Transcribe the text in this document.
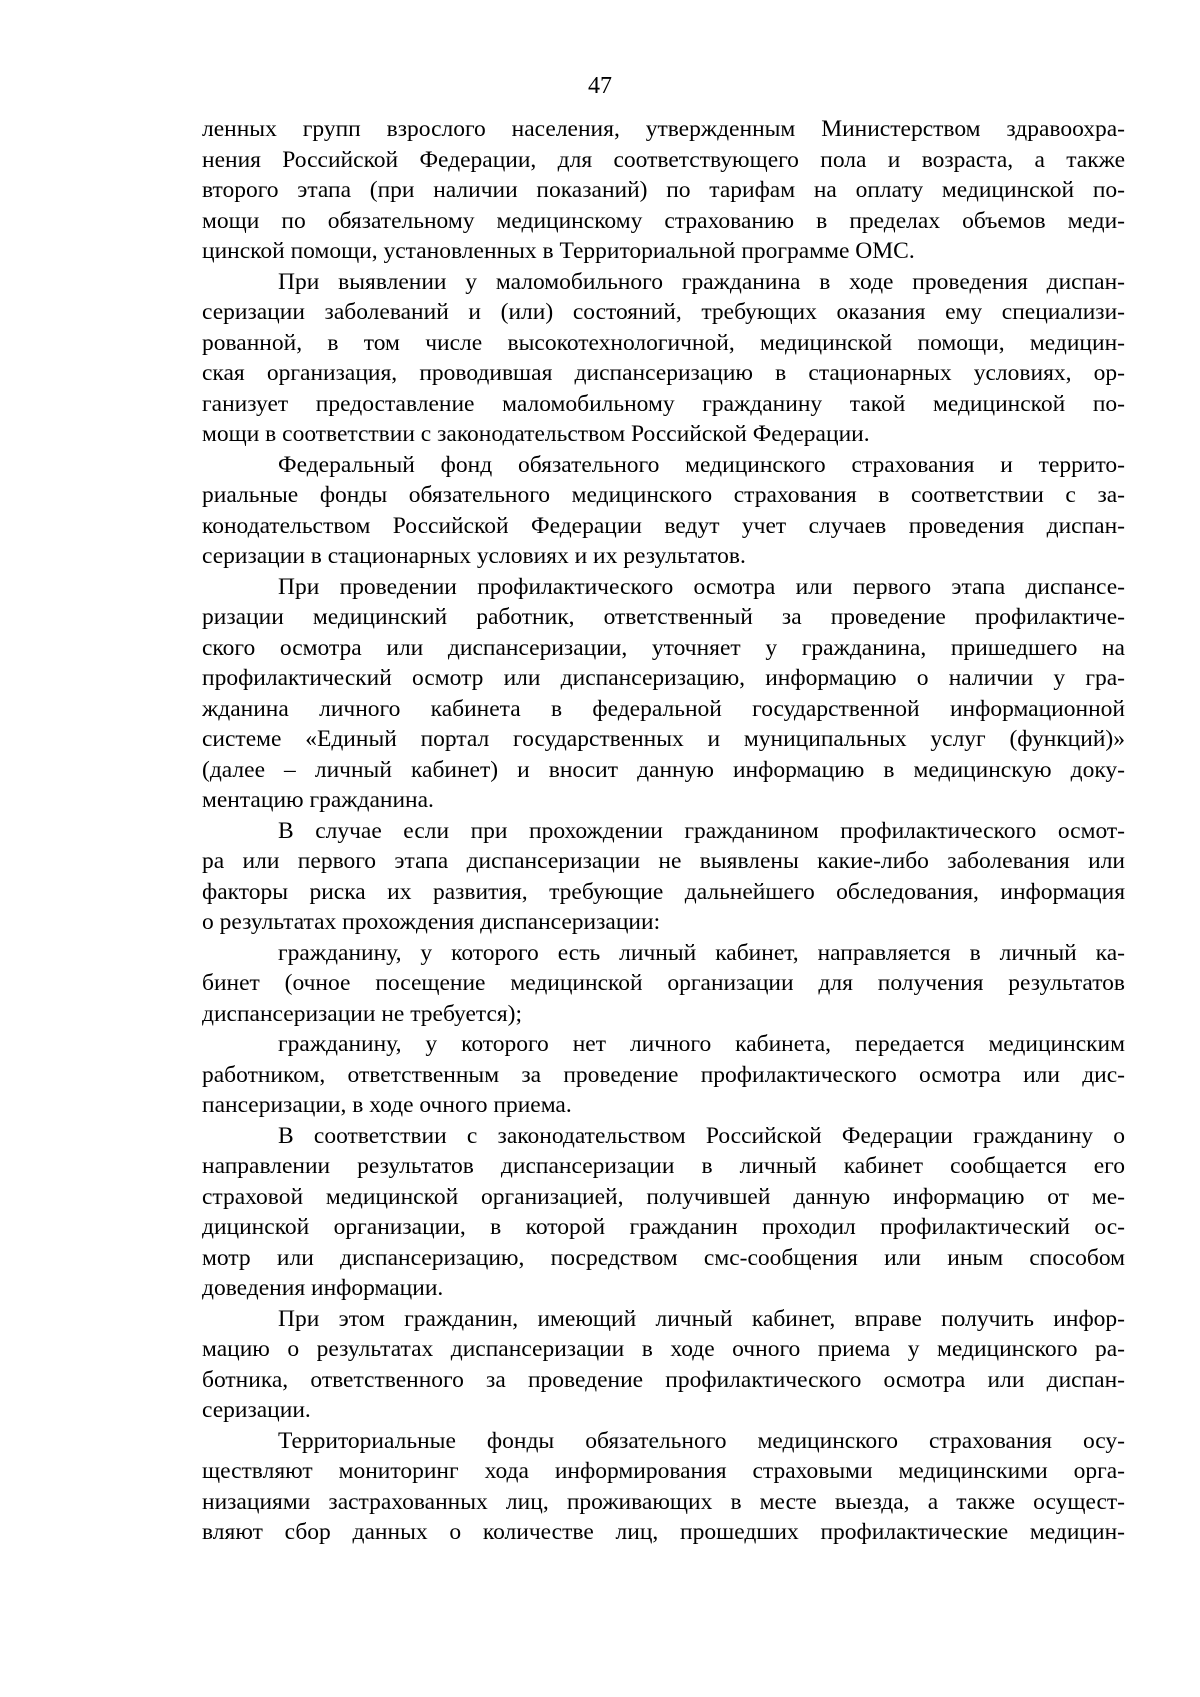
47
ленных групп взрослого населения, утвержденным Министерством здравоохра-
нения Российской Федерации, для соответствующего пола и возраста, а также
второго этапа (при наличии показаний) по тарифам на оплату медицинской по-
мощи по обязательному медицинскому страхованию в пределах объемов меди-
цинской помощи, установленных в Территориальной программе ОМС.
При выявлении у маломобильного гражданина в ходе проведения диспан-
серизации заболеваний и (или) состояний, требующих оказания ему специализи-
рованной, в том числе высокотехнологичной, медицинской помощи, медицин-
ская организация, проводившая диспансеризацию в стационарных условиях, ор-
ганизует предоставление маломобильному гражданину такой медицинской по-
мощи в соответствии с законодательством Российской Федерации.
Федеральный фонд обязательного медицинского страхования и террито-
риальные фонды обязательного медицинского страхования в соответствии с за-
конодательством Российской Федерации ведут учет случаев проведения диспан-
серизации в стационарных условиях и их результатов.
При проведении профилактического осмотра или первого этапа диспансе-
ризации медицинский работник, ответственный за проведение профилактиче-
ского осмотра или диспансеризации, уточняет у гражданина, пришедшего на
профилактический осмотр или диспансеризацию, информацию о наличии у гра-
жданина личного кабинета в федеральной государственной информационной
системе «Единый портал государственных и муниципальных услуг (функций)»
(далее – личный кабинет) и вносит данную информацию в медицинскую доку-
ментацию гражданина.
В случае если при прохождении гражданином профилактического осмот-
ра или первого этапа диспансеризации не выявлены какие-либо заболевания или
факторы риска их развития, требующие дальнейшего обследования, информация
о результатах прохождения диспансеризации:
гражданину, у которого есть личный кабинет, направляется в личный ка-
бинет (очное посещение медицинской организации для получения результатов
диспансеризации не требуется);
гражданину, у которого нет личного кабинета, передается медицинским
работником, ответственным за проведение профилактического осмотра или дис-
пансеризации, в ходе очного приема.
В соответствии с законодательством Российской Федерации гражданину о
направлении результатов диспансеризации в личный кабинет сообщается его
страховой медицинской организацией, получившей данную информацию от ме-
дицинской организации, в которой гражданин проходил профилактический ос-
мотр или диспансеризацию, посредством смс-сообщения или иным способом
доведения информации.
При этом гражданин, имеющий личный кабинет, вправе получить инфор-
мацию о результатах диспансеризации в ходе очного приема у медицинского ра-
ботника, ответственного за проведение профилактического осмотра или диспан-
серизации.
Территориальные фонды обязательного медицинского страхования осу-
ществляют мониторинг хода информирования страховыми медицинскими орга-
низациями застрахованных лиц, проживающих в месте выезда, а также осущест-
вляют сбор данных о количестве лиц, прошедших профилактические медицин-
